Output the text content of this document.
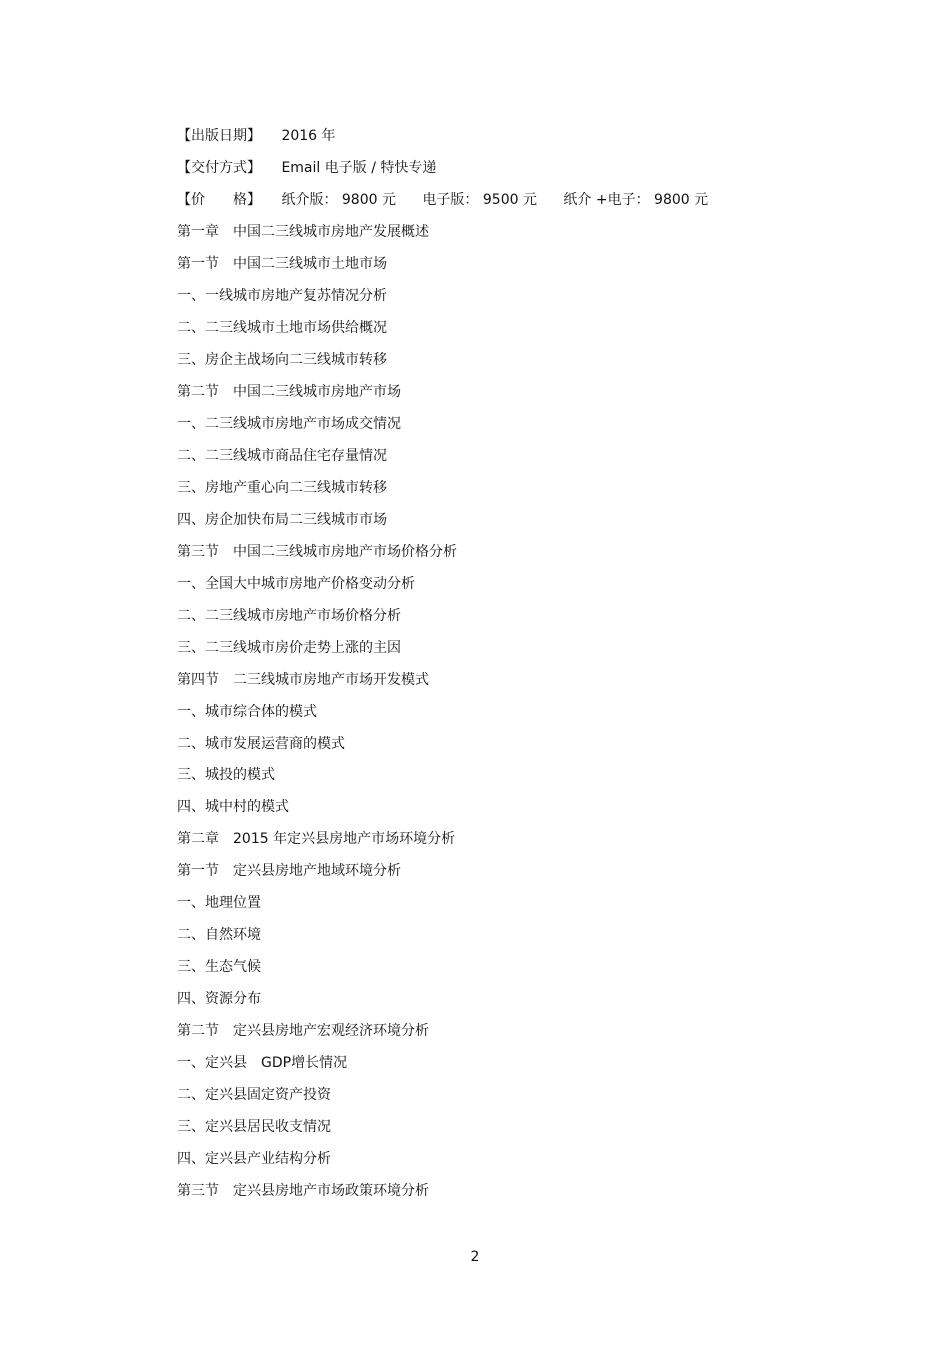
【出版日期】 2016 年
【交付方式】 Email 电子版 / 特快专递
【价　　格】 纸介版： 9800 元 电子版： 9500 元 纸介 +电子： 9800 元
第一章　中国二三线城市房地产发展概述
第一节　中国二三线城市土地市场
一、一线城市房地产复苏情况分析
二、二三线城市土地市场供给概况
三、房企主战场向二三线城市转移
第二节　中国二三线城市房地产市场
一、二三线城市房地产市场成交情况
二、二三线城市商品住宅存量情况
三、房地产重心向二三线城市转移
四、房企加快布局二三线城市市场
第三节　中国二三线城市房地产市场价格分析
一、全国大中城市房地产价格变动分析
二、二三线城市房地产市场价格分析
三、二三线城市房价走势上涨的主因
第四节　二三线城市房地产市场开发模式
一、城市综合体的模式
二、城市发展运营商的模式
三、城投的模式
四、城中村的模式
第二章　2015 年定兴县房地产市场环境分析
第一节　定兴县房地产地域环境分析
一、地理位置
二、自然环境
三、生态气候
四、资源分布
第二节　定兴县房地产宏观经济环境分析
一、定兴县　GDP增长情况
二、定兴县固定资产投资
三、定兴县居民收支情况
四、定兴县产业结构分析
第三节　定兴县房地产市场政策环境分析
2
